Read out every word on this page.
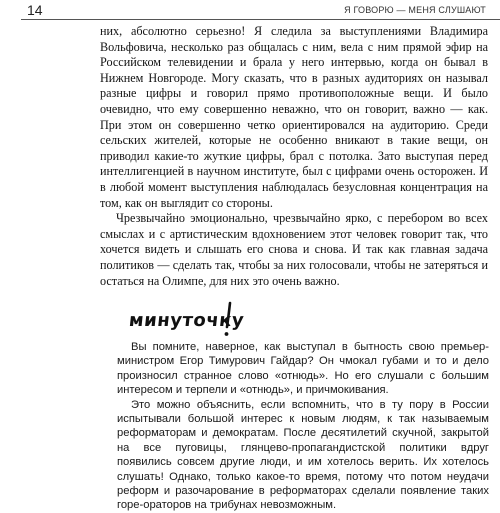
14	Я ГОВОРЮ — МЕНЯ СЛУШАЮТ

них, абсолютно серьезно! Я следила за выступлениями Владимира Вольфовича, несколько раз общалась с ним, вела с ним прямой эфир на Российском телевидении и брала у него интервью, когда он бывал в Нижнем Новгороде. Могу сказать, что в разных аудиториях он называл разные цифры и говорил прямо противоположные вещи. И было очевидно, что ему совершенно неважно, что он говорит, важно — как. При этом он совершенно четко ориентировался на аудиторию. Среди сельских жителей, которые не особенно вникают в такие вещи, он приводил какие-то жуткие цифры, брал с потолка. Зато выступая перед интеллигенцией в научном институте, был с цифрами очень осторожен. И в любой момент выступления наблюдалась безусловная концентрация на том, как он выглядит со стороны.

Чрезвычайно эмоционально, чрезвычайно ярко, с перебором во всех смыслах и с артистическим вдохновением этот человек говорит так, что хочется видеть и слышать его снова и снова. И так как главная задача политиков — сделать так, чтобы за них голосовали, чтобы не затеряться и остаться на Олимпе, для них это очень важно.

минуточку

Вы помните, наверное, как выступал в бытность свою премьер-министром Егор Тимурович Гайдар? Он чмокал губами и то и дело произносил странное слово «отнюдь». Но его слушали с большим интересом и терпели и «отнюдь», и причмокивания.

Это можно объяснить, если вспомнить, что в ту пору в России испытывали большой интерес к новым людям, к так называемым реформаторам и демократам. После десятилетий скучной, закрытой на все пуговицы, глянцево-пропагандистской политики вдруг появились совсем другие люди, и им хотелось верить. Их хотелось слушать! Однако, только какое-то время, потому что потом неудачи реформ и разочарование в реформаторах сделали появление таких горе-ораторов на трибунах невозможным.
